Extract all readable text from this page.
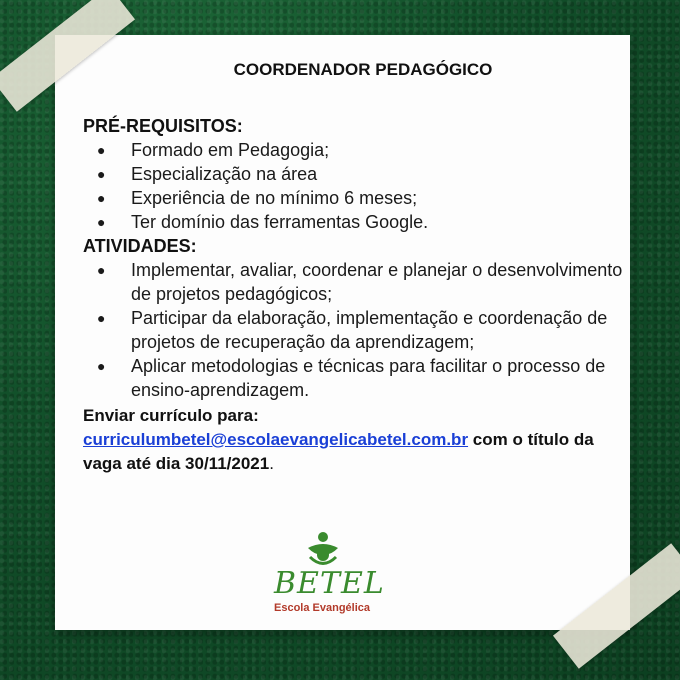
COORDENADOR PEDAGÓGICO
PRÉ-REQUISITOS:
● Formado em Pedagogia;
● Especialização na área
● Experiência de no mínimo 6 meses;
● Ter domínio das ferramentas Google.
ATIVIDADES:
● Implementar, avaliar, coordenar e planejar o desenvolvimento de projetos pedagógicos;
● Participar da elaboração, implementação e coordenação de projetos de recuperação da aprendizagem;
● Aplicar metodologias e técnicas para facilitar o processo de ensino-aprendizagem.
Enviar currículo para:
curriculumbetel@escolaevangelicabetel.com.br com o título da vaga até dia 30/11/2021.
BETEL
Escola Evangélica
